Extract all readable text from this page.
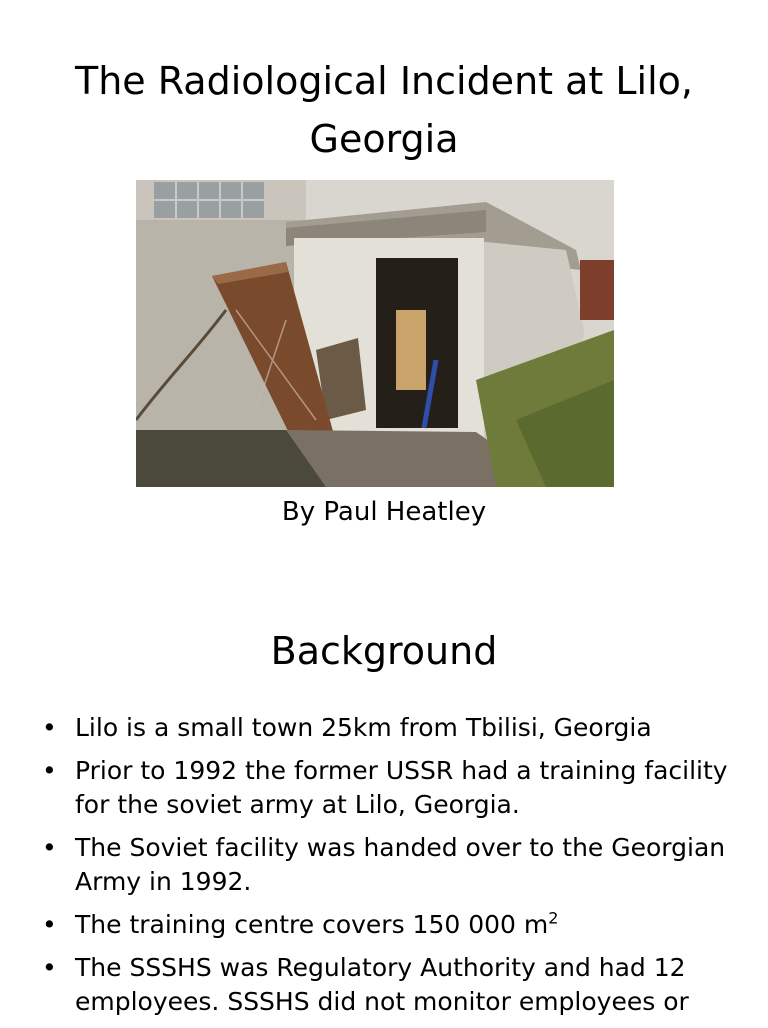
The Radiological Incident at Lilo,
Georgia

By Paul Heatley

Background
• Lilo is a small town 25km from Tbilisi, Georgia
• Prior to 1992 the former USSR had a training facility for the soviet army at Lilo, Georgia.
• The Soviet facility was handed over to the Georgian Army in 1992.
• The training centre covers 150 000 $m^2$
• The SSSHS was Regulatory Authority and had 12 employees. SSSHS did not monitor employees or
